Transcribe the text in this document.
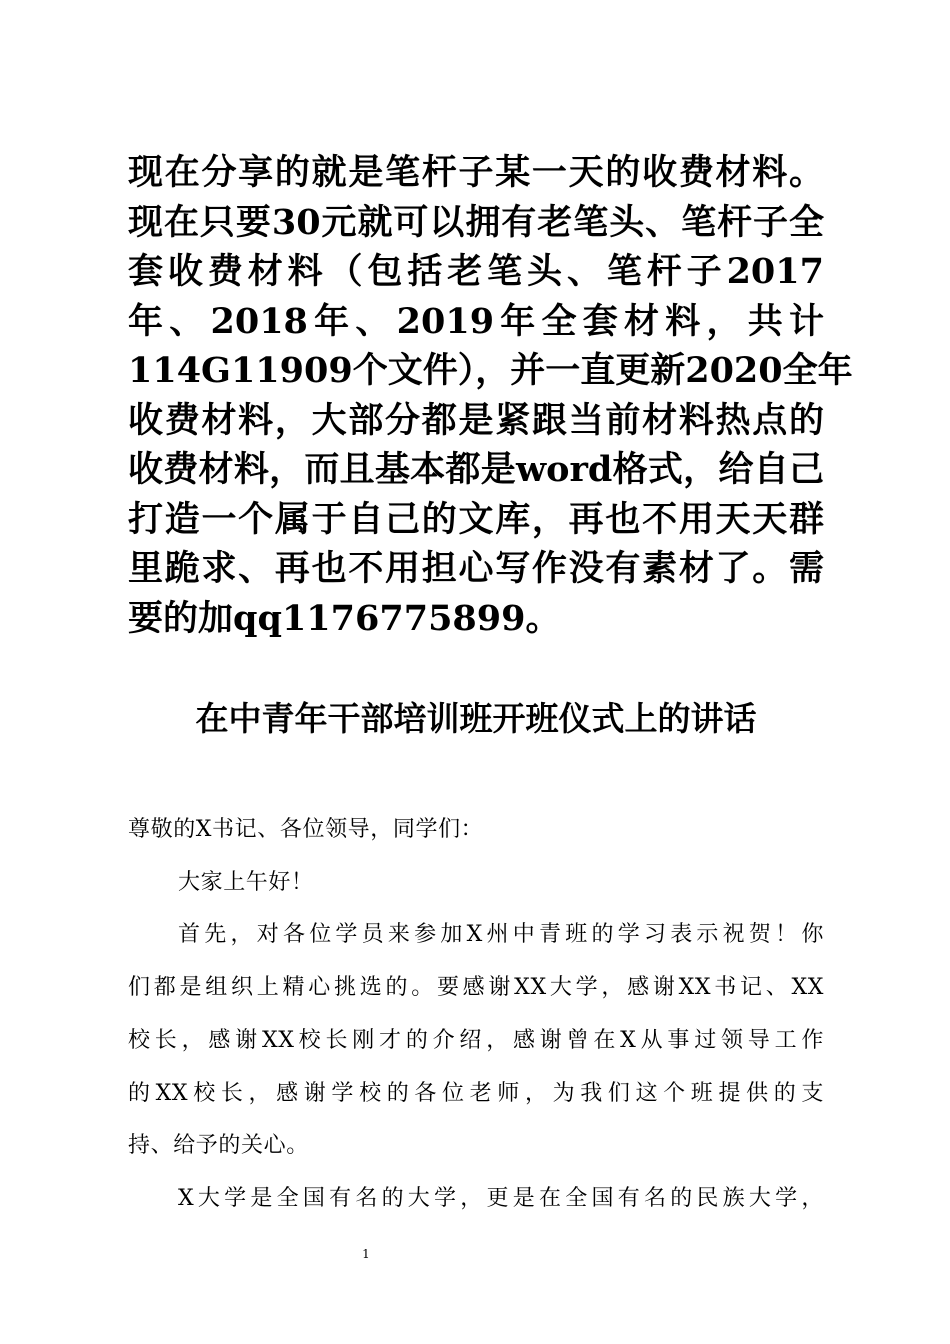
现在分享的就是笔杆子某一天的收费材料。
现在只要30元就可以拥有老笔头、笔杆子全
套收费材料（包括老笔头、笔杆子2017
年、2018年、2019年全套材料，共计
114G11909个文件），并一直更新2020全年
收费材料，大部分都是紧跟当前材料热点的
收费材料，而且基本都是word格式，给自己
打造一个属于自己的文库，再也不用天天群
里跪求、再也不用担心写作没有素材了。需
要的加qq1176775899。
在中青年干部培训班开班仪式上的讲话
尊敬的X书记、各位领导，同学们：
大家上午好！
首先，对各位学员来参加X州中青班的学习表示祝贺！你
们都是组织上精心挑选的。要感谢XX大学，感谢XX书记、XX
校长，感谢XX校长刚才的介绍，感谢曾在X从事过领导工作
的XX校长，感谢学校的各位老师，为我们这个班提供的支
持、给予的关心。
X大学是全国有名的大学，更是在全国有名的民族大学，
1
